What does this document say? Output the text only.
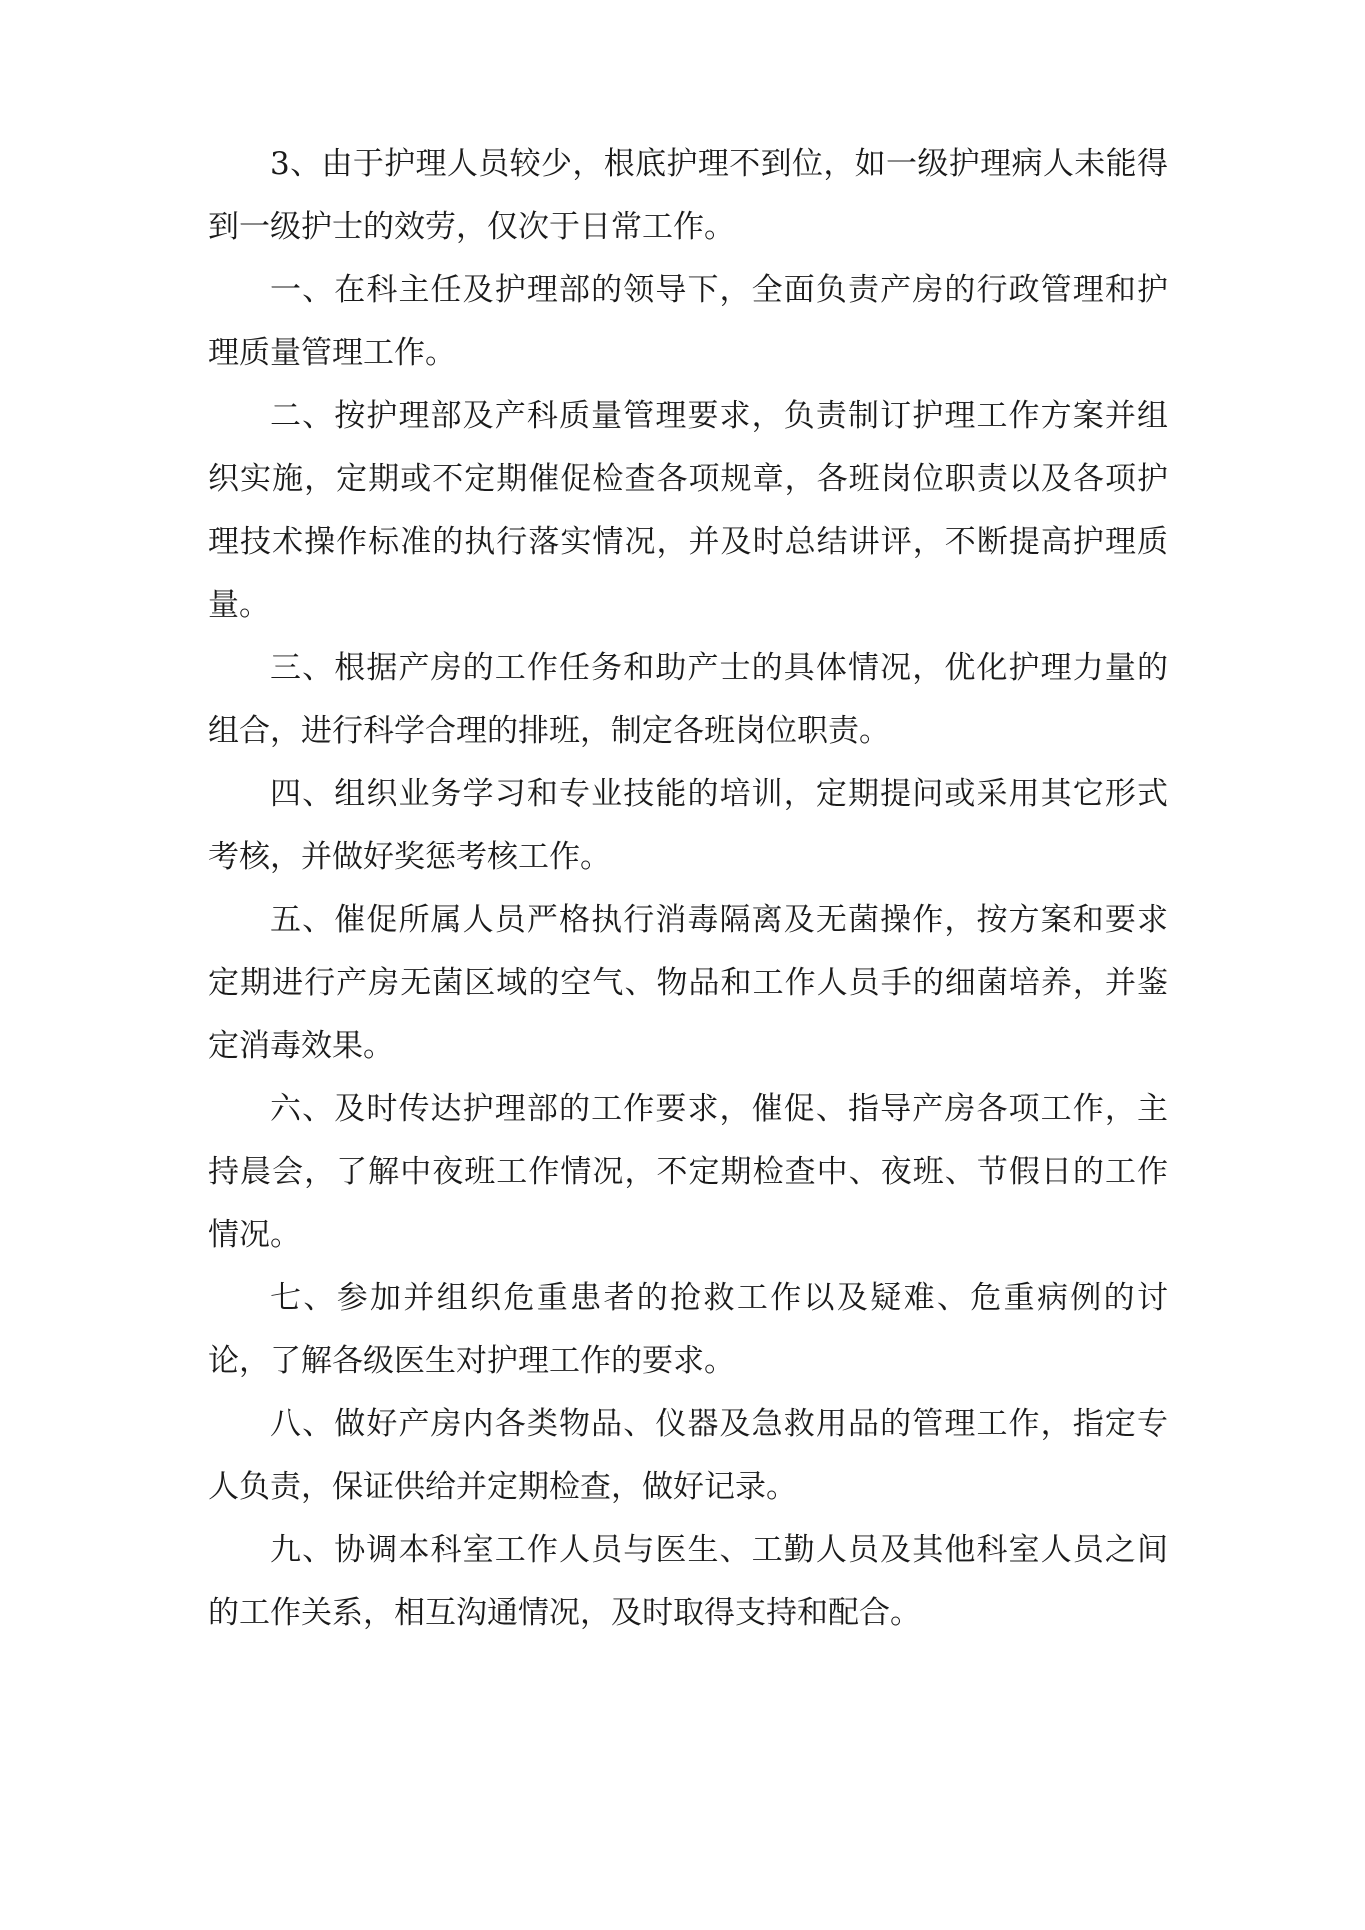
3、由于护理人员较少，根底护理不到位，如一级护理病人未能得到一级护士的效劳，仅次于日常工作。

一、在科主任及护理部的领导下，全面负责产房的行政管理和护理质量管理工作。

二、按护理部及产科质量管理要求，负责制订护理工作方案并组织实施，定期或不定期催促检查各项规章，各班岗位职责以及各项护理技术操作标准的执行落实情况，并及时总结讲评，不断提高护理质量。

三、根据产房的工作任务和助产士的具体情况，优化护理力量的组合，进行科学合理的排班，制定各班岗位职责。

四、组织业务学习和专业技能的培训，定期提问或采用其它形式考核，并做好奖惩考核工作。

五、催促所属人员严格执行消毒隔离及无菌操作，按方案和要求定期进行产房无菌区域的空气、物品和工作人员手的细菌培养，并鉴定消毒效果。

六、及时传达护理部的工作要求，催促、指导产房各项工作，主持晨会，了解中夜班工作情况，不定期检查中、夜班、节假日的工作情况。

七、参加并组织危重患者的抢救工作以及疑难、危重病例的讨论，了解各级医生对护理工作的要求。

八、做好产房内各类物品、仪器及急救用品的管理工作，指定专人负责，保证供给并定期检查，做好记录。

九、协调本科室工作人员与医生、工勤人员及其他科室人员之间的工作关系，相互沟通情况，及时取得支持和配合。
